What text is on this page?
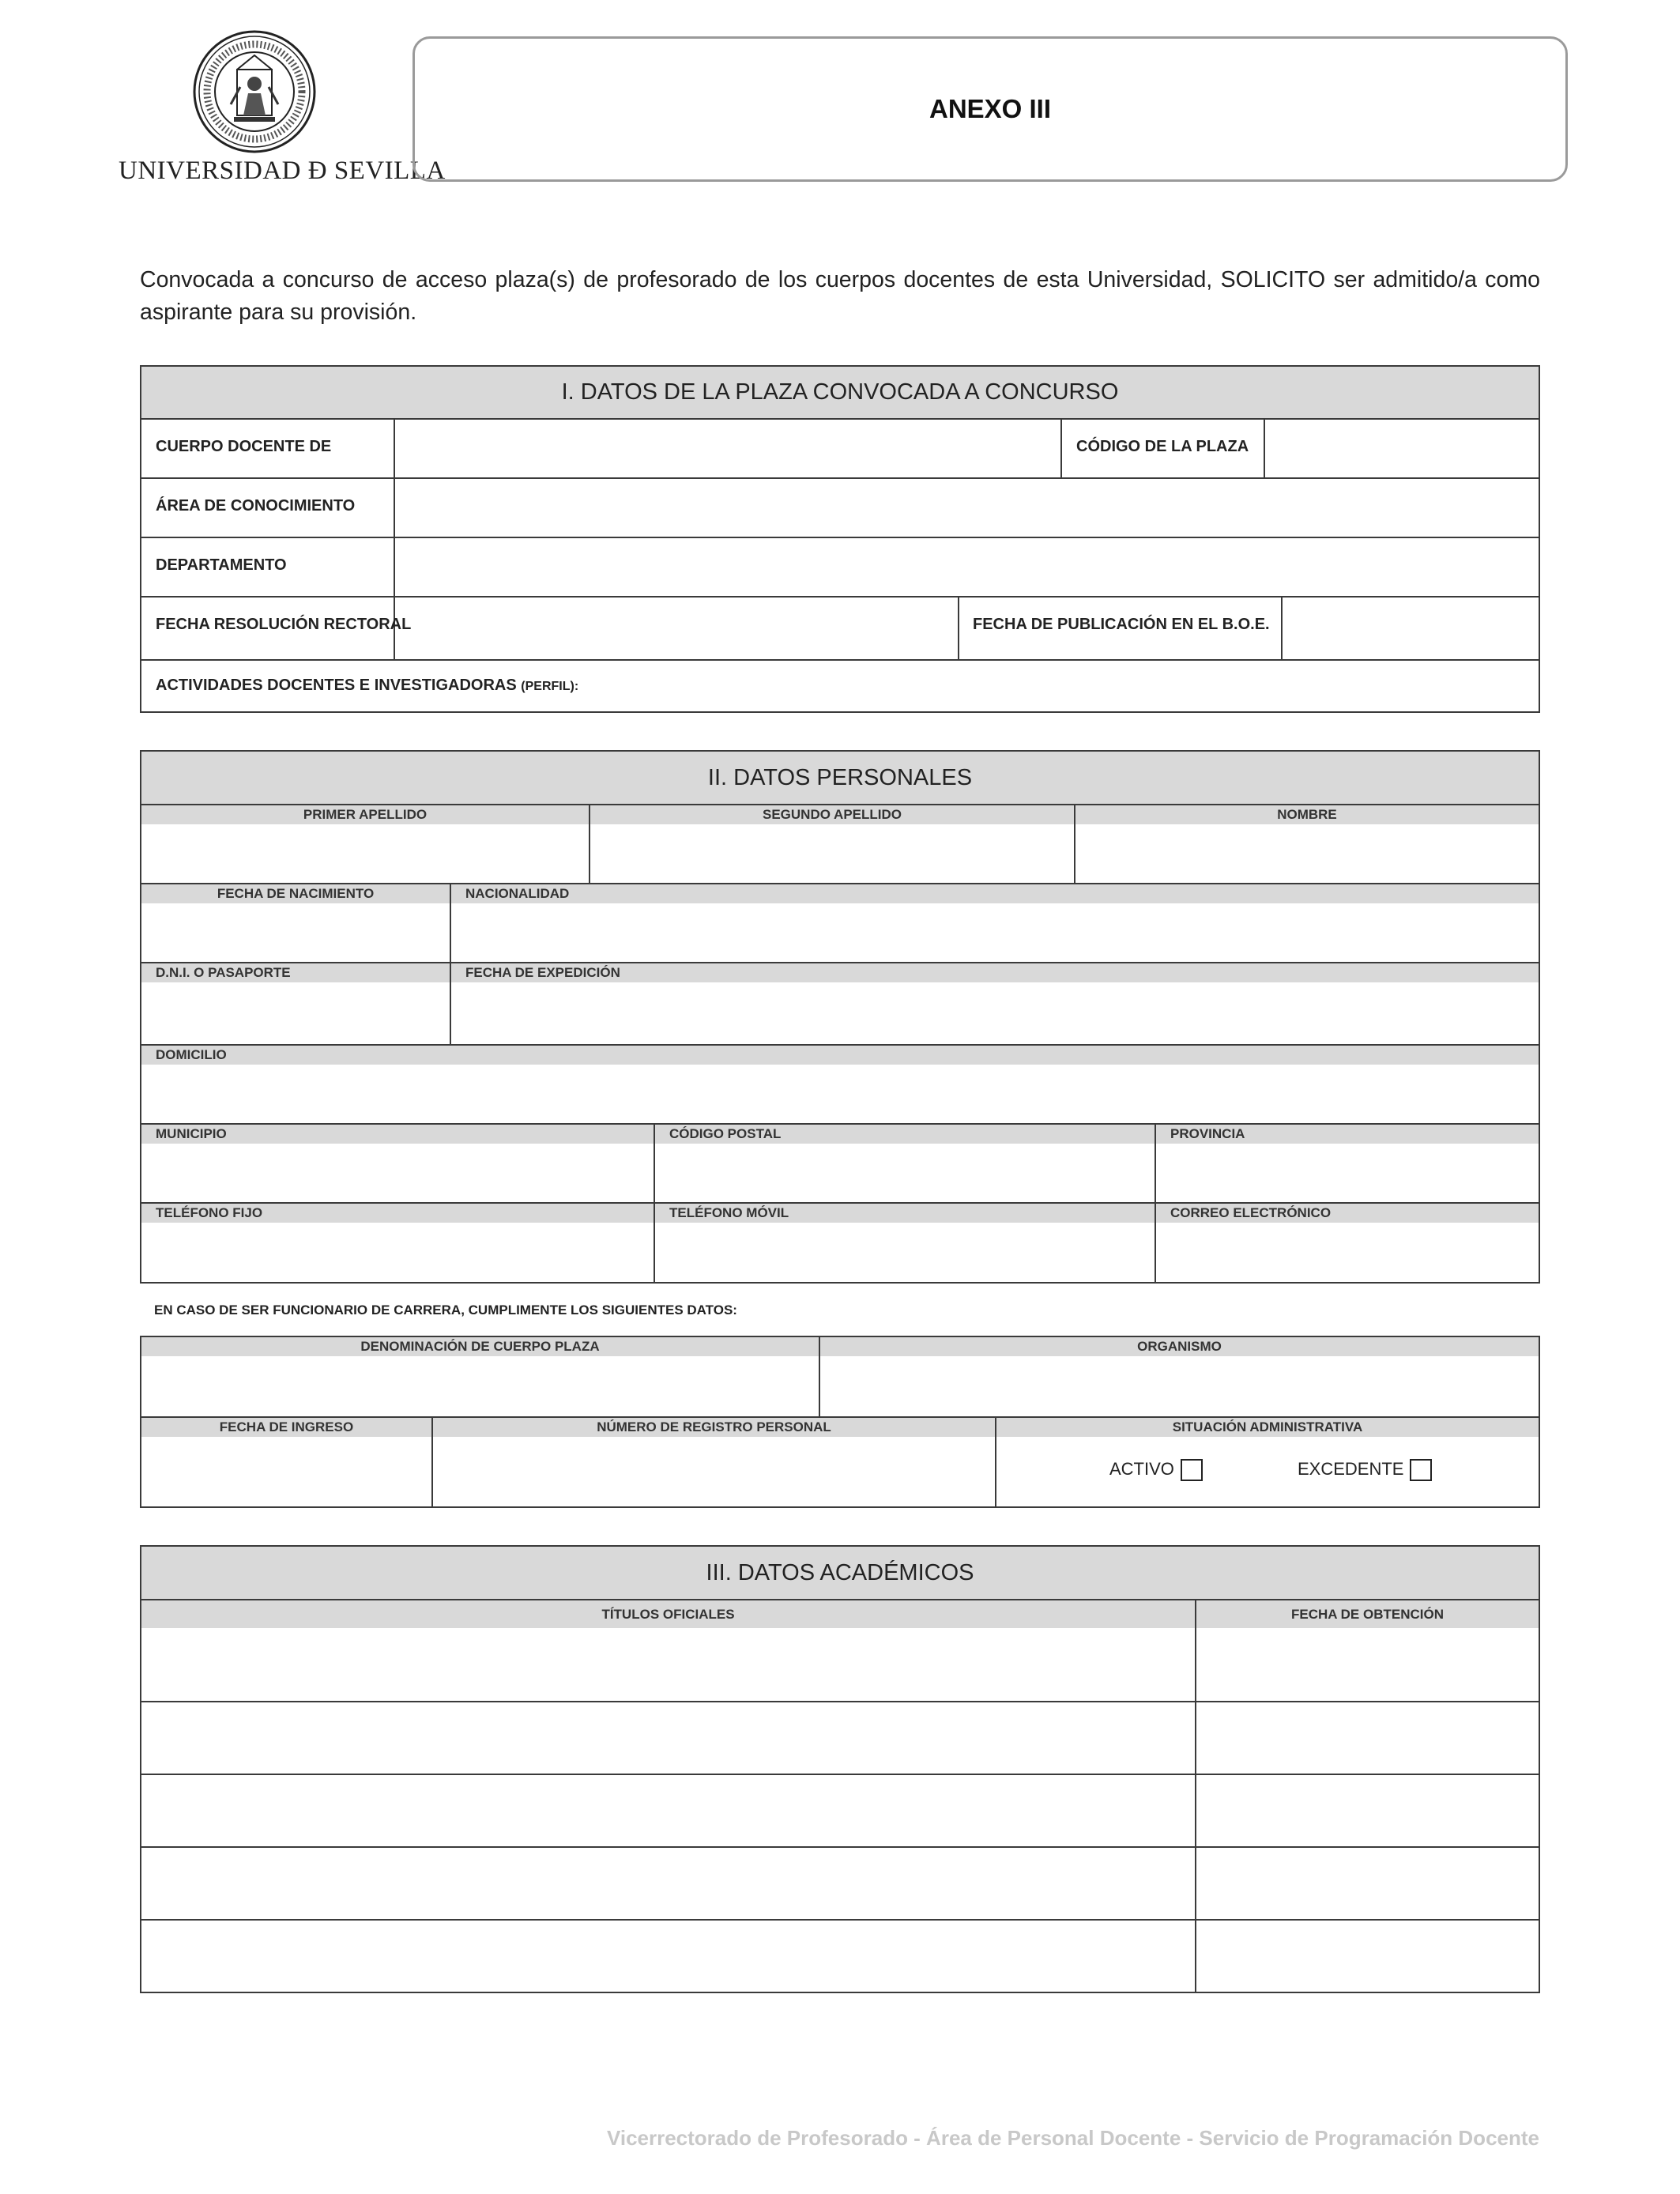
UNIVERSIDAD Ð SEVILLA
ANEXO III
Convocada a concurso de acceso plaza(s) de profesorado de los cuerpos docentes de esta Universidad, SOLICITO ser admitido/a como aspirante para su provisión.
I. DATOS DE LA PLAZA CONVOCADA A CONCURSO
CUERPO DOCENTE DE	CÓDIGO DE LA PLAZA
ÁREA DE CONOCIMIENTO
DEPARTAMENTO
FECHA RESOLUCIÓN RECTORAL	FECHA DE PUBLICACIÓN EN EL B.O.E.
ACTIVIDADES DOCENTES E INVESTIGADORAS (PERFIL):
II. DATOS PERSONALES
PRIMER APELLIDO	SEGUNDO APELLIDO	NOMBRE
FECHA DE NACIMIENTO	NACIONALIDAD
D.N.I. O PASAPORTE	FECHA DE EXPEDICIÓN
DOMICILIO
MUNICIPIO	CÓDIGO POSTAL	PROVINCIA
TELÉFONO FIJO	TELÉFONO MÓVIL	CORREO ELECTRÓNICO
EN CASO DE SER FUNCIONARIO DE CARRERA, CUMPLIMENTE LOS SIGUIENTES DATOS:
DENOMINACIÓN DE CUERPO PLAZA	ORGANISMO
FECHA DE INGRESO	NÚMERO DE REGISTRO PERSONAL	SITUACIÓN ADMINISTRATIVA
ACTIVO	EXCEDENTE
III. DATOS ACADÉMICOS
TÍTULOS OFICIALES	FECHA DE OBTENCIÓN
Vicerrectorado de Profesorado - Área de Personal Docente - Servicio de Programación Docente
